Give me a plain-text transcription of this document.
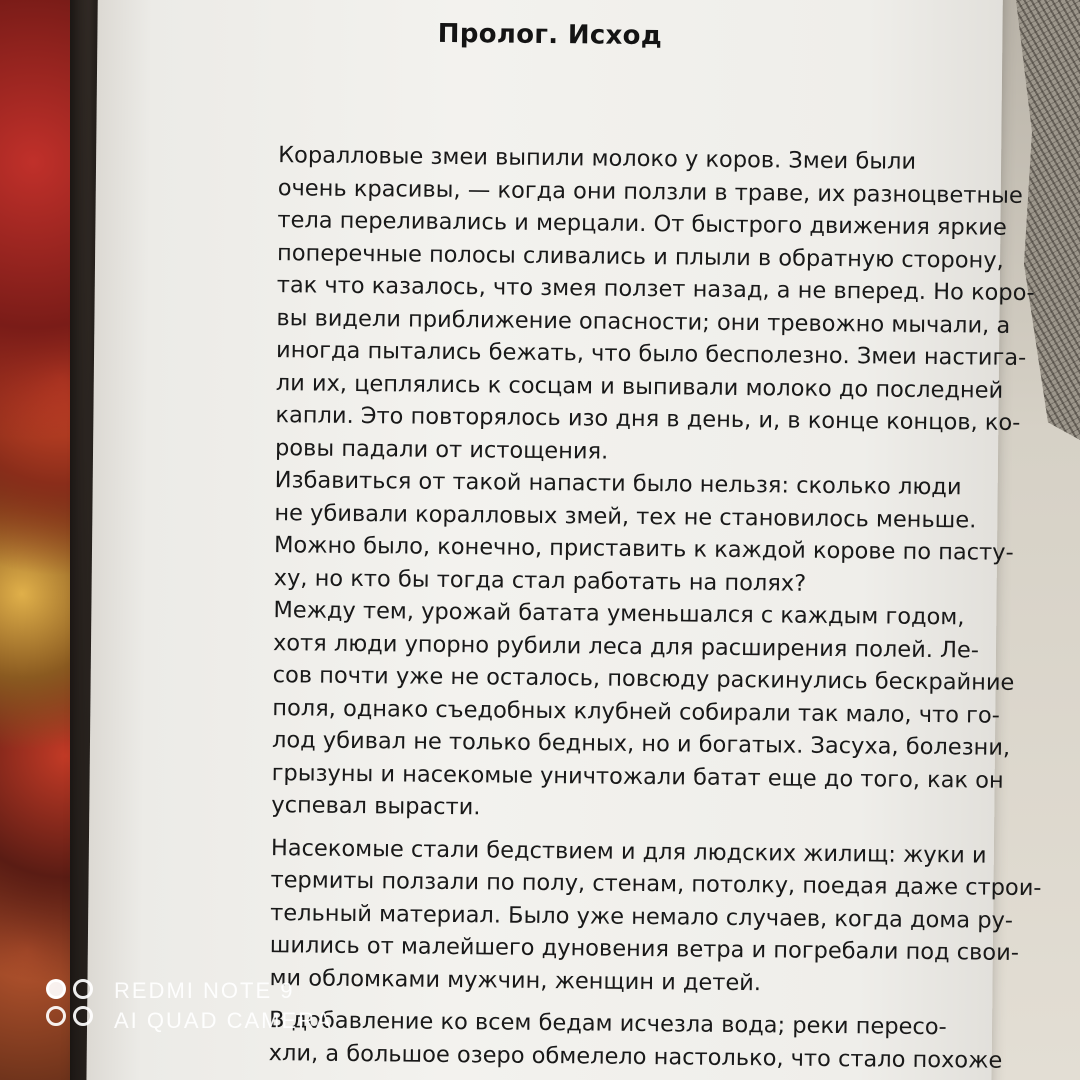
Пролог. Исход
Коралловые змеи выпили молоко у коров. Змеи были
очень красивы, — когда они ползли в траве, их разноцветные
тела переливались и мерцали. От быстрого движения яркие
поперечные полосы сливались и плыли в обратную сторону,
так что казалось, что змея ползет назад, а не вперед. Но коро-
вы видели приближение опасности; они тревожно мычали, а
иногда пытались бежать, что было бесполезно. Змеи настига-
ли их, цеплялись к сосцам и выпивали молоко до последней
капли. Это повторялось изо дня в день, и, в конце концов, ко-
ровы падали от истощения.
Избавиться от такой напасти было нельзя: сколько люди
не убивали коралловых змей, тех не становилось меньше.
Можно было, конечно, приставить к каждой корове по пасту-
ху, но кто бы тогда стал работать на полях?
Между тем, урожай батата уменьшался с каждым годом,
хотя люди упорно рубили леса для расширения полей. Ле-
сов почти уже не осталось, повсюду раскинулись бескрайние
поля, однако съедобных клубней собирали так мало, что го-
лод убивал не только бедных, но и богатых. Засуха, болезни,
грызуны и насекомые уничтожали батат еще до того, как он
успевал вырасти.
Насекомые стали бедствием и для людских жилищ: жуки и
термиты ползали по полу, стенам, потолку, поедая даже строи-
тельный материал. Было уже немало случаев, когда дома ру-
шились от малейшего дуновения ветра и погребали под свои-
ми обломками мужчин, женщин и детей.
В добавление ко всем бедам исчезла вода; реки пересо-
хли, а большое озеро обмелело настолько, что стало похоже
REDMI NOTE 9
AI QUAD CAMERA
